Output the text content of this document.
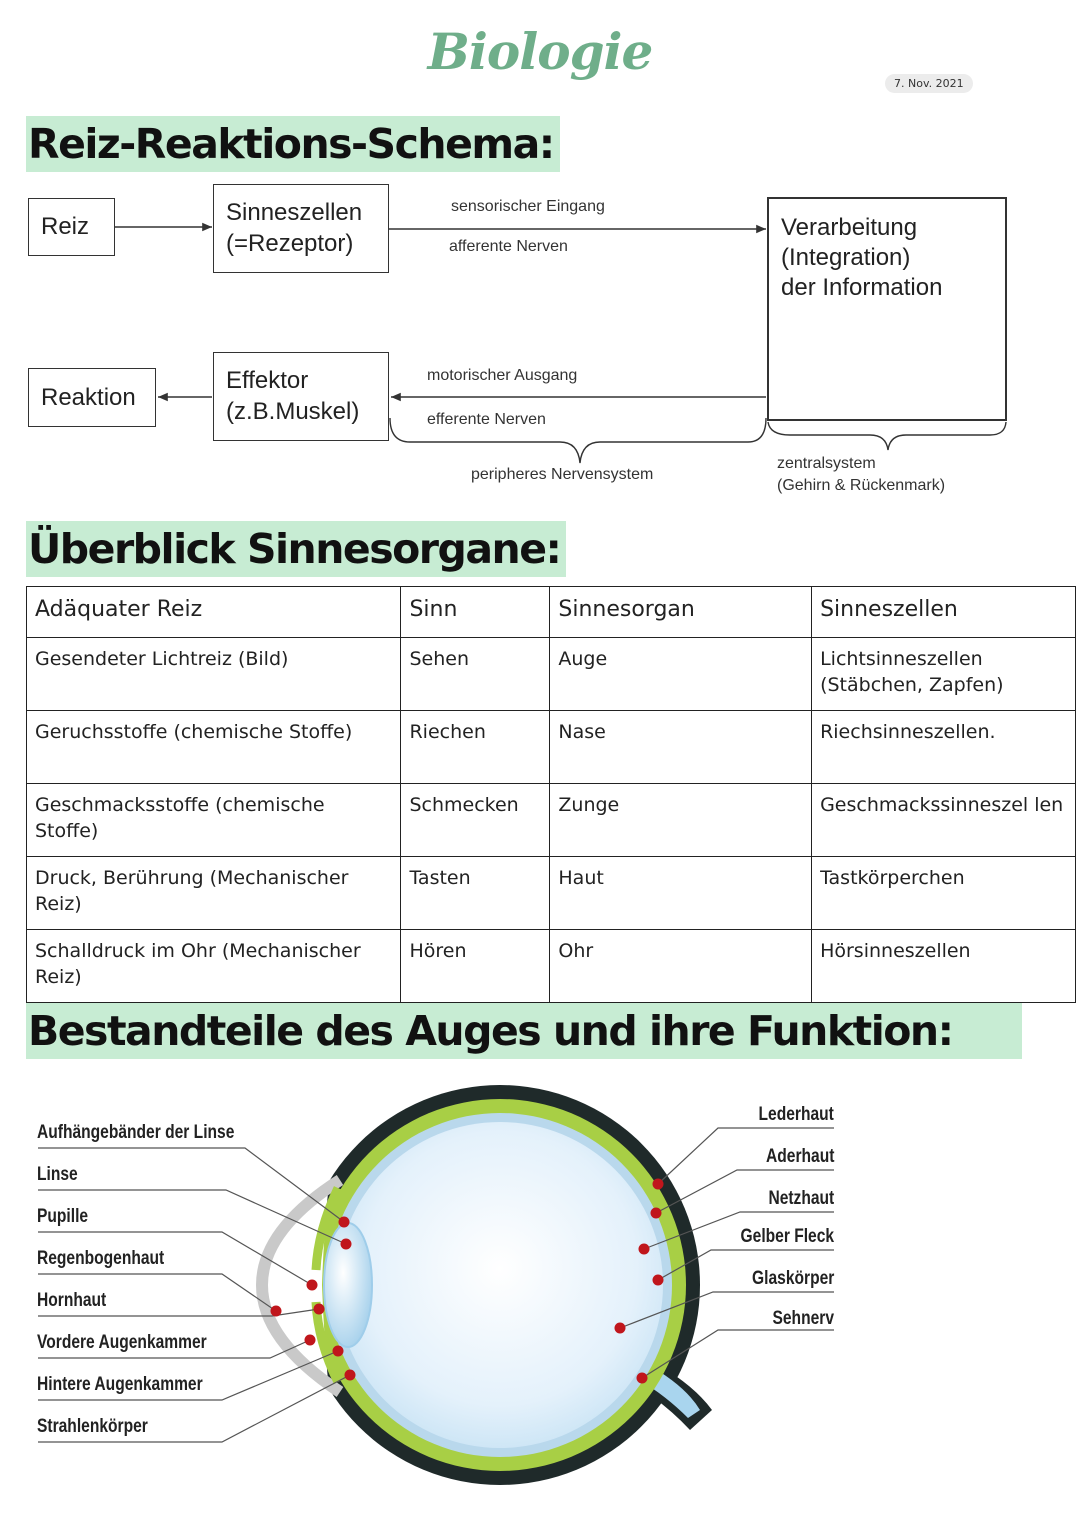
Biologie
7. Nov. 2021
Reiz-Reaktions-Schema:
Reiz
Sinneszellen
(=Rezeptor)
sensorischer Eingang
afferente Nerven
Verarbeitung
(Integration)
der Information
Reaktion
Effektor
(z.B.Muskel)
motorischer Ausgang
efferente Nerven
peripheres Nervensystem
zentralsystem
(Gehirn & Rückenmark)
Überblick Sinnesorgane:
Adäquater Reiz	Sinn	Sinnesorgan	Sinneszellen
Gesendeter Lichtreiz (Bild)	Sehen	Auge	Lichtsinneszellen (Stäbchen, Zapfen)
Geruchsstoffe (chemische Stoffe)	Riechen	Nase	Riechsinneszellen.
Geschmacksstoffe (chemische Stoffe)	Schmecken	Zunge	Geschmackssinneszel len
Druck, Berührung (Mechanischer Reiz)	Tasten	Haut	Tastkörperchen
Schalldruck im Ohr (Mechanischer Reiz)	Hören	Ohr	Hörsinneszellen
Bestandteile des Auges und ihre Funktion:
Aufhängebänder der Linse
Linse
Pupille
Regenbogenhaut
Hornhaut
Vordere Augenkammer
Hintere Augenkammer
Strahlenkörper
Lederhaut
Aderhaut
Netzhaut
Gelber Fleck
Glaskörper
Sehnerv
